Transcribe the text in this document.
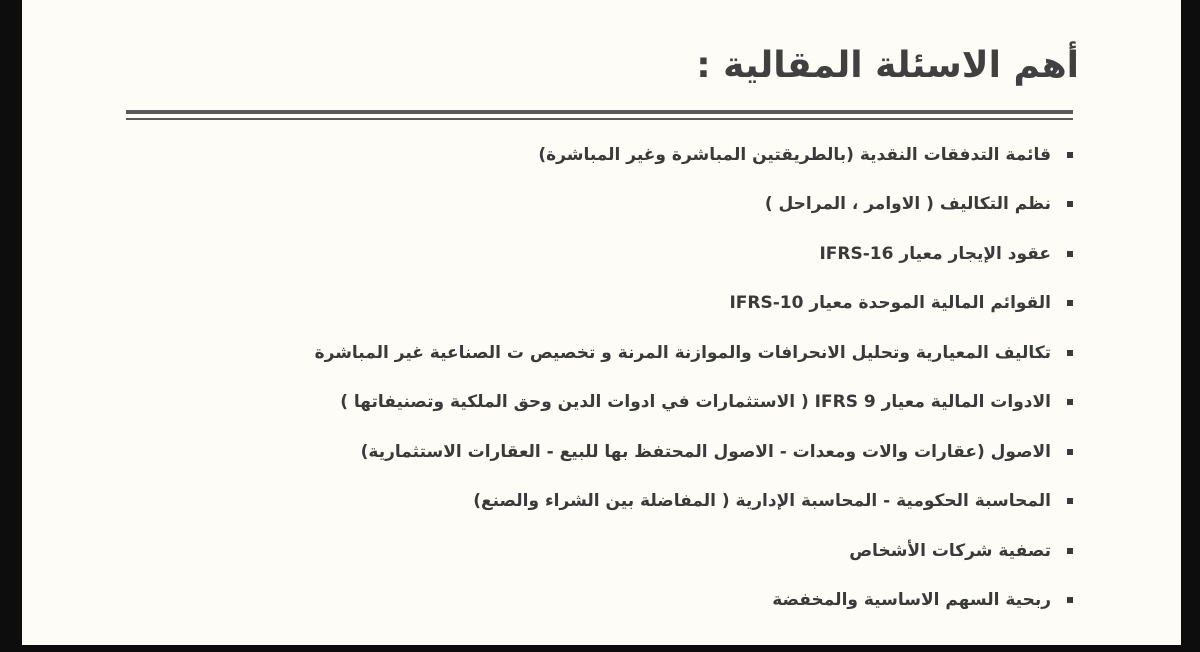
أهم الاسئلة المقالية :
قائمة التدفقات النقدية (بالطريقتين المباشرة وغير المباشرة)
نظم التكاليف ( الاوامر ، المراحل )
عقود الإيجار معيار IFRS-16
القوائم المالية الموحدة معيار IFRS-10
تكاليف المعيارية وتحليل الانحرافات والموازنة المرنة و تخصيص ت الصناعية غير المباشرة
الادوات المالية معيار IFRS 9 ( الاستثمارات في ادوات الدين وحق الملكية وتصنيفاتها )
الاصول (عقارات والات ومعدات - الاصول المحتفظ بها للبيع - العقارات الاستثمارية)
المحاسبة الحكومية - المحاسبة الإدارية ( المفاضلة بين الشراء والصنع)
تصفية شركات الأشخاص
ربحية السهم الاساسية والمخفضة
